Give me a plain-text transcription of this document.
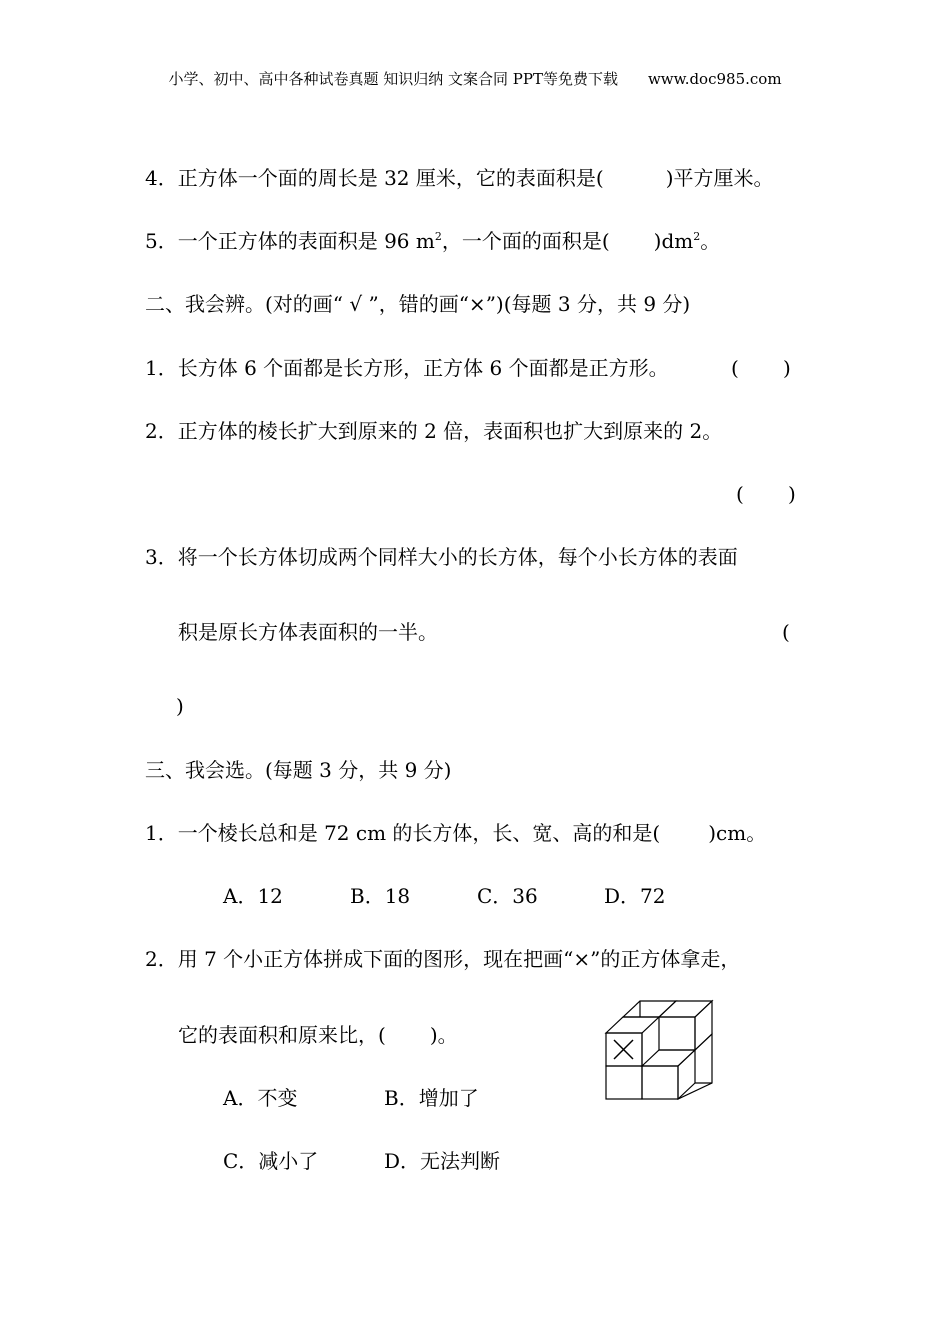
小学、初中、高中各种试卷真题 知识归纳 文案合同 PPT等免费下载　　www.doc985.com
4．正方体一个面的周长是 32 厘米，它的表面积是(	)平方厘米。
5．一个正方体的表面积是 96 $m^2$，一个面的面积是( )$dm^2$。
二、我会辨。(对的画“ √ ”，错的画“×”)(每题 3 分，共 9 分)
1．长方体 6 个面都是长方形，正方体 6 个面都是正方形。	( )
2．正方体的棱长扩大到原来的 2 倍，表面积也扩大到原来的 2。
( )
3．将一个长方体切成两个同样大小的长方体，每个小长方体的表面
积是原长方体表面积的一半。	(
)
三、我会选。(每题 3 分，共 9 分)
1．一个棱长总和是 72 cm 的长方体，长、宽、高的和是( )cm。
A．12	B．18	C．36	D．72
2．用 7 个小正方体拼成下面的图形，现在把画“×”的正方体拿走，
它的表面积和原来比，( )。
A．不变	B．增加了
C．减小了	D．无法判断
